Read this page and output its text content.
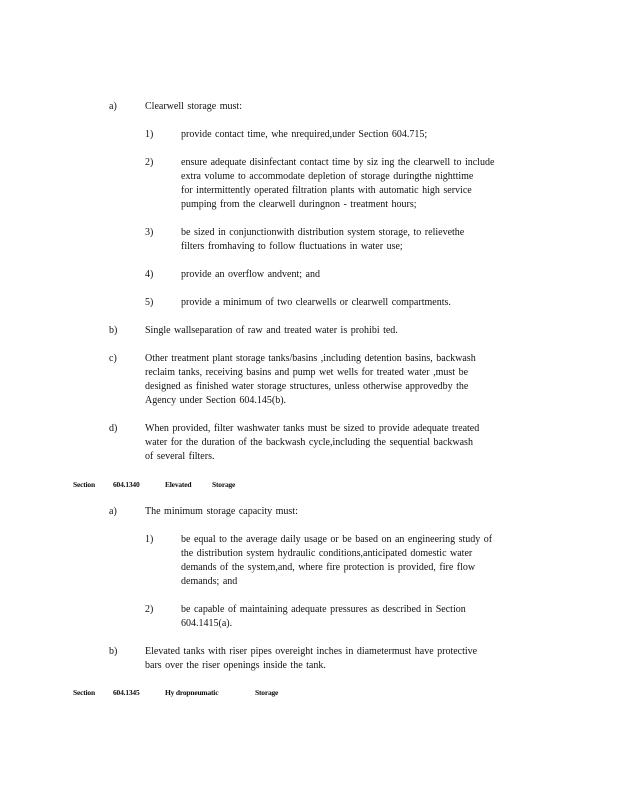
a)	Clearwell storage must:
1)	provide contact time, whe nrequired,under Section 604.715;
2)	ensure adequate disinfectant contact time by siz ing the clearwell to include
extra volume to accommodate depletion of storage duringthe nighttime
for intermittently operated filtration plants with automatic high service
pumping from the clearwell duringnon - treatment hours;
3)	be sized in conjunctionwith distribution system storage, to relievethe
filters fromhaving to follow fluctuations in water use;
4)	provide an overflow andvent; and
5)	provide a minimum of two clearwells or clearwell compartments.
b)	Single wallseparation of raw and treated water is prohibi ted.
c)	Other treatment plant storage tanks/basins ,including detention basins, backwash
reclaim tanks, receiving basins and pump wet wells for treated water ,must be
designed as finished water storage structures, unless otherwise approvedby the
Agency under Section 604.145(b).
d)	When provided, filter washwater tanks must be sized to provide adequate treated
water for the duration of the backwash cycle,including the sequential backwash
of several filters.
Section 604.1340	Elevated	Storage
a)	The minimum storage capacity must:
1)	be equal to the average daily usage or be based on an engineering study of
the distribution system hydraulic conditions,anticipated domestic water
demands of the system,and, where fire protection is provided, fire flow
demands; and
2)	be capable of maintaining adequate pressures as described in Section
604.1415(a).
b)	Elevated tanks with riser pipes overeight inches in diametermust have protective
bars over the riser openings inside the tank.
Section 604.1345	Hy dropneumatic	Storage
